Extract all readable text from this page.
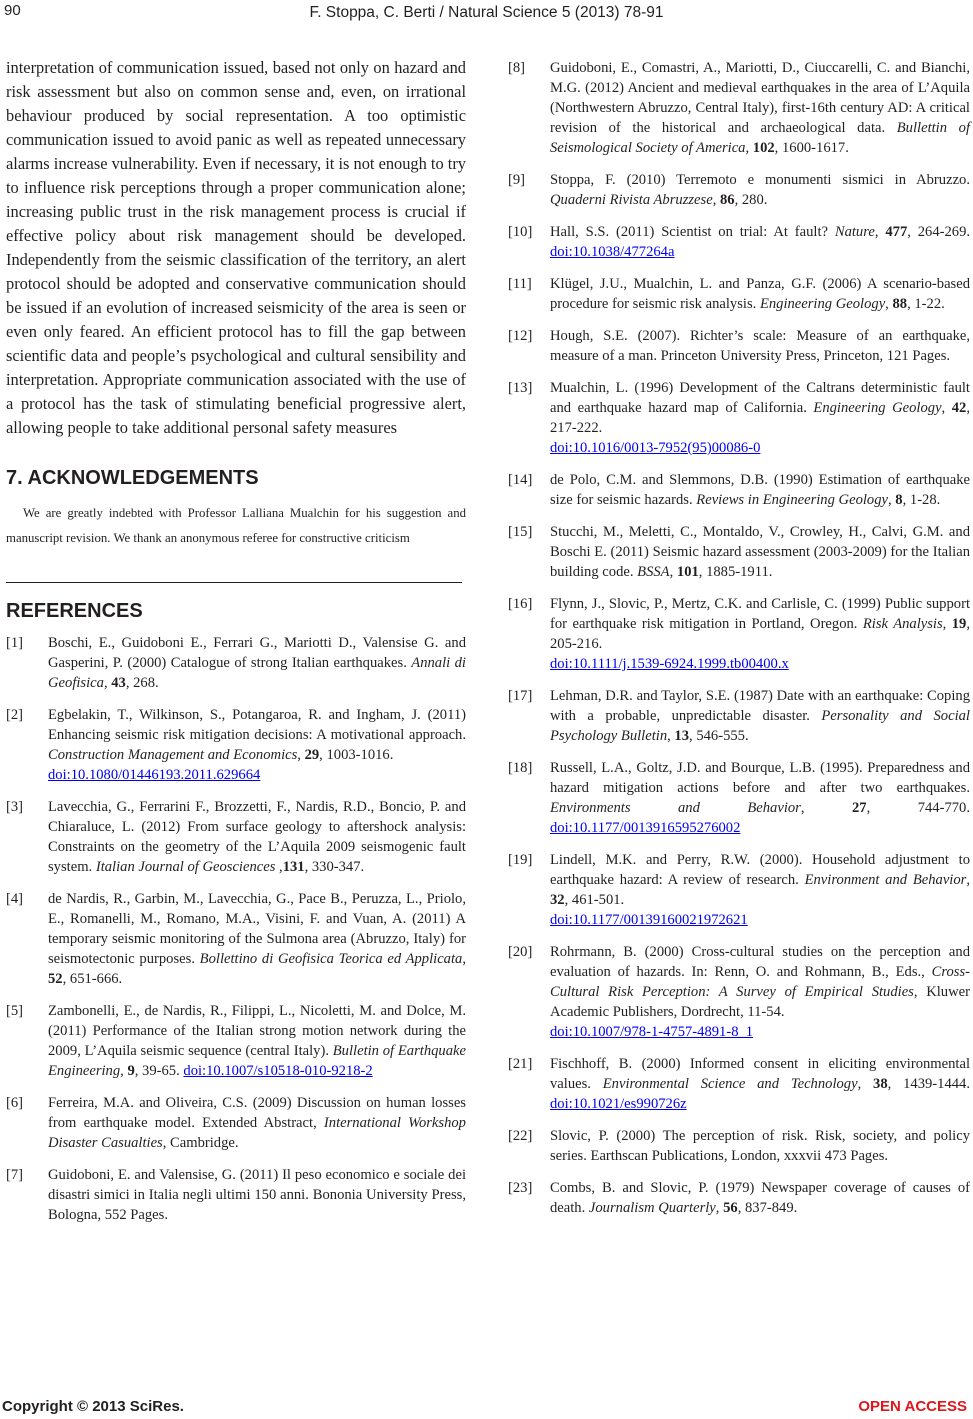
90	F. Stoppa, C. Berti / Natural Science 5 (2013) 78-91

interpretation of communication issued, based not only on hazard and risk assessment but also on common sense and, even, on irrational behaviour produced by social representation. A too optimistic communication issued to avoid panic as well as repeated unnecessary alarms increase vulnerability. Even if necessary, it is not enough to try to influence risk perceptions through a proper communication alone; increasing public trust in the risk management process is crucial if effective policy about risk management should be developed. Independently from the seismic classification of the territory, an alert protocol should be adopted and conservative communication should be issued if an evolution of increased seismicity of the area is seen or even only feared. An efficient protocol has to fill the gap between scientific data and people’s psychological and cultural sensibility and interpretation. Appropriate communication associated with the use of a protocol has the task of stimulating beneficial progressive alert, allowing people to take additional personal safety measures

7. ACKNOWLEDGEMENTS

We are greatly indebted with Professor Lalliana Mualchin for his suggestion and manuscript revision. We thank an anonymous referee for constructive criticism

REFERENCES
[1]	Boschi, E., Guidoboni E., Ferrari G., Mariotti D., Valensise G. and Gasperini, P. (2000) Catalogue of strong Italian earthquakes. Annali di Geofisica, 43, 268.
[2]	Egbelakin, T., Wilkinson, S., Potangaroa, R. and Ingham, J. (2011) Enhancing seismic risk mitigation decisions: A motivational approach. Construction Management and Economics, 29, 1003-1016.
doi:10.1080/01446193.2011.629664
[3]	Lavecchia, G., Ferrarini F., Brozzetti, F., Nardis, R.D., Boncio, P. and Chiaraluce, L. (2012) From surface geology to aftershock analysis: Constraints on the geometry of the L’Aquila 2009 seismogenic fault system. Italian Journal of Geosciences ,131, 330-347.
[4]	de Nardis, R., Garbin, M., Lavecchia, G., Pace B., Peruzza, L., Priolo, E., Romanelli, M., Romano, M.A., Visini, F. and Vuan, A. (2011) A temporary seismic monitoring of the Sulmona area (Abruzzo, Italy) for seismotectonic purposes. Bollettino di Geofisica Teorica ed Applicata, 52, 651-666.
[5]	Zambonelli, E., de Nardis, R., Filippi, L., Nicoletti, M. and Dolce, M. (2011) Performance of the Italian strong motion network during the 2009, L’Aquila seismic sequence (central Italy). Bulletin of Earthquake Engineering, 9, 39-65. doi:10.1007/s10518-010-9218-2
[6]	Ferreira, M.A. and Oliveira, C.S. (2009) Discussion on human losses from earthquake model. Extended Abstract, International Workshop Disaster Casualties, Cambridge.
[7]	Guidoboni, E. and Valensise, G. (2011) Il peso economico e sociale dei disastri simici in Italia negli ultimi 150 anni. Bononia University Press, Bologna, 552 Pages.
[8]	Guidoboni, E., Comastri, A., Mariotti, D., Ciuccarelli, C. and Bianchi, M.G. (2012) Ancient and medieval earthquakes in the area of L’Aquila (Northwestern Abruzzo, Central Italy), first-16th century AD: A critical revision of the historical and archaeological data. Bullettin of Seismological Society of America, 102, 1600-1617.
[9]	Stoppa, F. (2010) Terremoto e monumenti sismici in Abruzzo. Quaderni Rivista Abruzzese, 86, 280.
[10]	Hall, S.S. (2011) Scientist on trial: At fault? Nature, 477, 264-269. doi:10.1038/477264a
[11]	Klügel, J.U., Mualchin, L. and Panza, G.F. (2006) A scenario-based procedure for seismic risk analysis. Engineering Geology, 88, 1-22.
[12]	Hough, S.E. (2007). Richter’s scale: Measure of an earthquake, measure of a man. Princeton University Press, Princeton, 121 Pages.
[13]	Mualchin, L. (1996) Development of the Caltrans deterministic fault and earthquake hazard map of California. Engineering Geology, 42, 217-222.
doi:10.1016/0013-7952(95)00086-0
[14]	de Polo, C.M. and Slemmons, D.B. (1990) Estimation of earthquake size for seismic hazards. Reviews in Engineering Geology, 8, 1-28.
[15]	Stucchi, M., Meletti, C., Montaldo, V., Crowley, H., Calvi, G.M. and Boschi E. (2011) Seismic hazard assessment (2003-2009) for the Italian building code. BSSA, 101, 1885-1911.
[16]	Flynn, J., Slovic, P., Mertz, C.K. and Carlisle, C. (1999) Public support for earthquake risk mitigation in Portland, Oregon. Risk Analysis, 19, 205-216.
doi:10.1111/j.1539-6924.1999.tb00400.x
[17]	Lehman, D.R. and Taylor, S.E. (1987) Date with an earthquake: Coping with a probable, unpredictable disaster. Personality and Social Psychology Bulletin, 13, 546-555.
[18]	Russell, L.A., Goltz, J.D. and Bourque, L.B. (1995). Preparedness and hazard mitigation actions before and after two earthquakes. Environments and Behavior, 27, 744-770. doi:10.1177/0013916595276002
[19]	Lindell, M.K. and Perry, R.W. (2000). Household adjustment to earthquake hazard: A review of research. Environment and Behavior, 32, 461-501.
doi:10.1177/00139160021972621
[20]	Rohrmann, B. (2000) Cross-cultural studies on the perception and evaluation of hazards. In: Renn, O. and Rohmann, B., Eds., Cross-Cultural Risk Perception: A Survey of Empirical Studies, Kluwer Academic Publishers, Dordrecht, 11-54.
doi:10.1007/978-1-4757-4891-8_1
[21]	Fischhoff, B. (2000) Informed consent in eliciting environmental values. Environmental Science and Technology, 38, 1439-1444. doi:10.1021/es990726z
[22]	Slovic, P. (2000) The perception of risk. Risk, society, and policy series. Earthscan Publications, London, xxxvii 473 Pages.
[23]	Combs, B. and Slovic, P. (1979) Newspaper coverage of causes of death. Journalism Quarterly, 56, 837-849.
Copyright © 2013 SciRes.	OPEN ACCESS
